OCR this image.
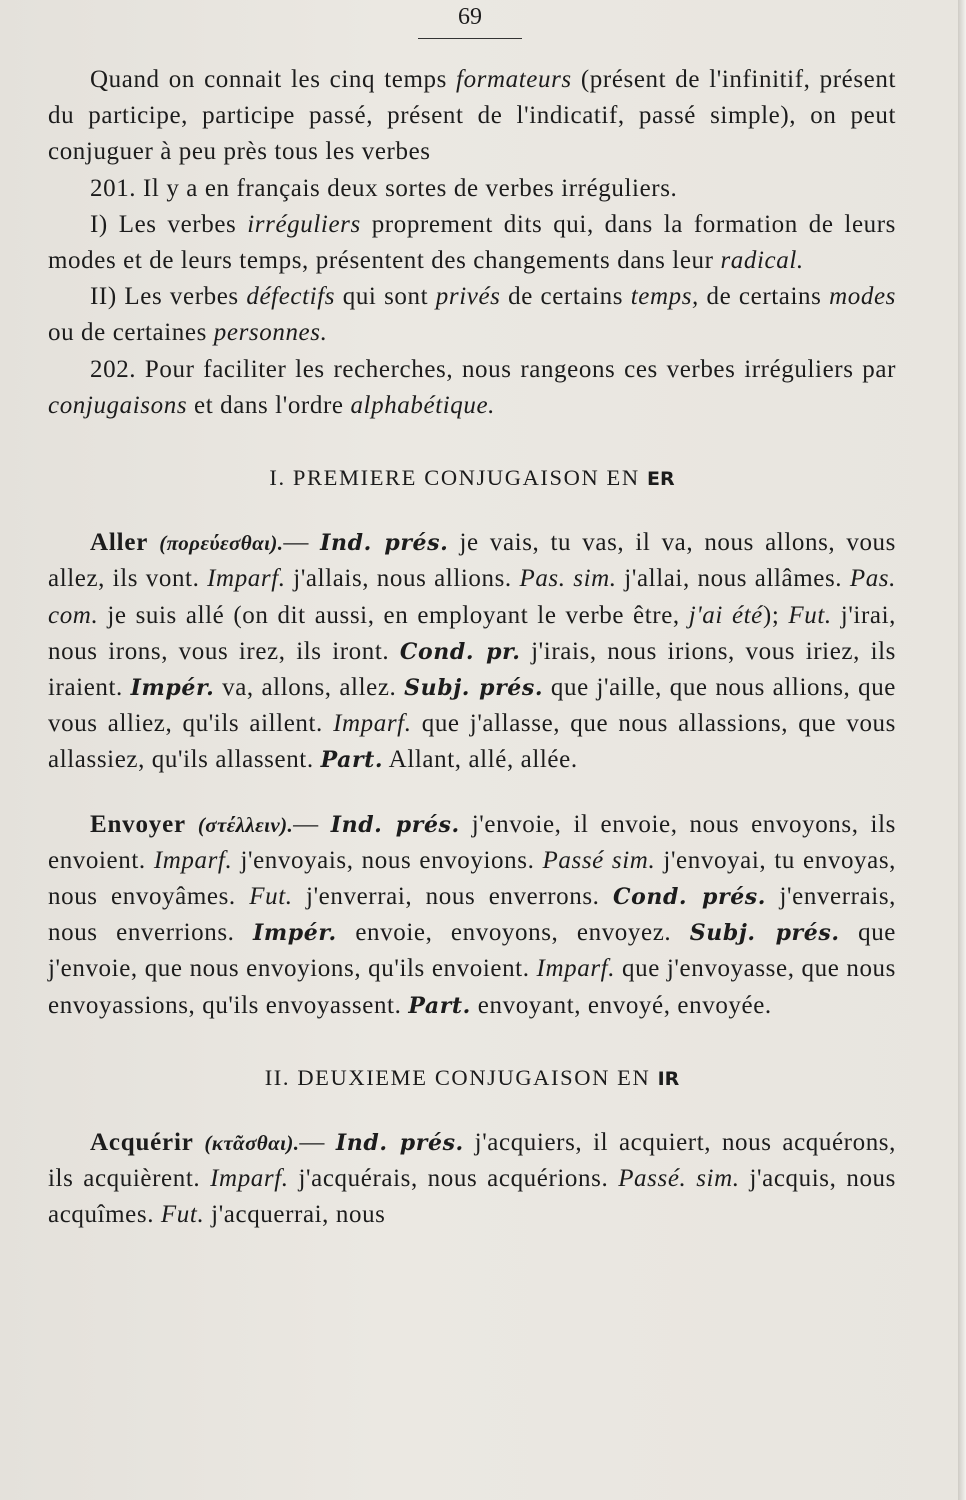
69

Quand on connait les cinq temps formateurs (présent de l'infinitif, présent du participe, participe passé, présent de l'indicatif, passé simple), on peut conjuguer à peu près tous les verbes

201. Il y a en français deux sortes de verbes irréguliers.

I) Les verbes irréguliers proprement dits qui, dans la formation de leurs modes et de leurs temps, présentent des changements dans leur radical.

II) Les verbes défectifs qui sont privés de certains temps, de certains modes ou de certaines personnes.

202. Pour faciliter les recherches, nous rangeons ces verbes irréguliers par conjugaisons et dans l'ordre alphabétique.

I. PREMIERE CONJUGAISON EN ER

Aller (πορεύεσθαι).— Ind. prés. je vais, tu vas, il va, nous allons, vous allez, ils vont. Imparf. j'allais, nous allions. Pas. sim. j'allai, nous allâmes. Pas. com. je suis allé (on dit aussi, en employant le verbe être, j'ai été); Fut. j'irai, nous irons, vous irez, ils iront. Cond. pr. j'irais, nous irions, vous iriez, ils iraient. Impér. va, allons, allez. Subj. prés. que j'aille, que nous allions, que vous alliez, qu'ils aillent. Imparf. que j'allasse, que nous allassions, que vous allassiez, qu'ils allassent. Part. Allant, allé, allée.

Envoyer (στέλλειν).— Ind. prés. j'envoie, il envoie, nous envoyons, ils envoient. Imparf. j'envoyais, nous envoyions. Passé sim. j'envoyai, tu envoyas, nous envoyâmes. Fut. j'enverrai, nous enverrons. Cond. prés. j'enverrais, nous enverrions. Impér. envoie, envoyons, envoyez. Subj. prés. que j'envoie, que nous envoyions, qu'ils envoient. Imparf. que j'envoyasse, que nous envoyassions, qu'ils envoyassent. Part. envoyant, envoyé, envoyée.

II. DEUXIEME CONJUGAISON EN IR

Acquérir (κτᾶσθαι).— Ind. prés. j'acquiers, il acquiert, nous acquérons, ils acquièrent. Imparf. j'acquérais, nous acquérions. Passé. sim. j'acquis, nous acquîmes. Fut. j'acquerrai, nous
